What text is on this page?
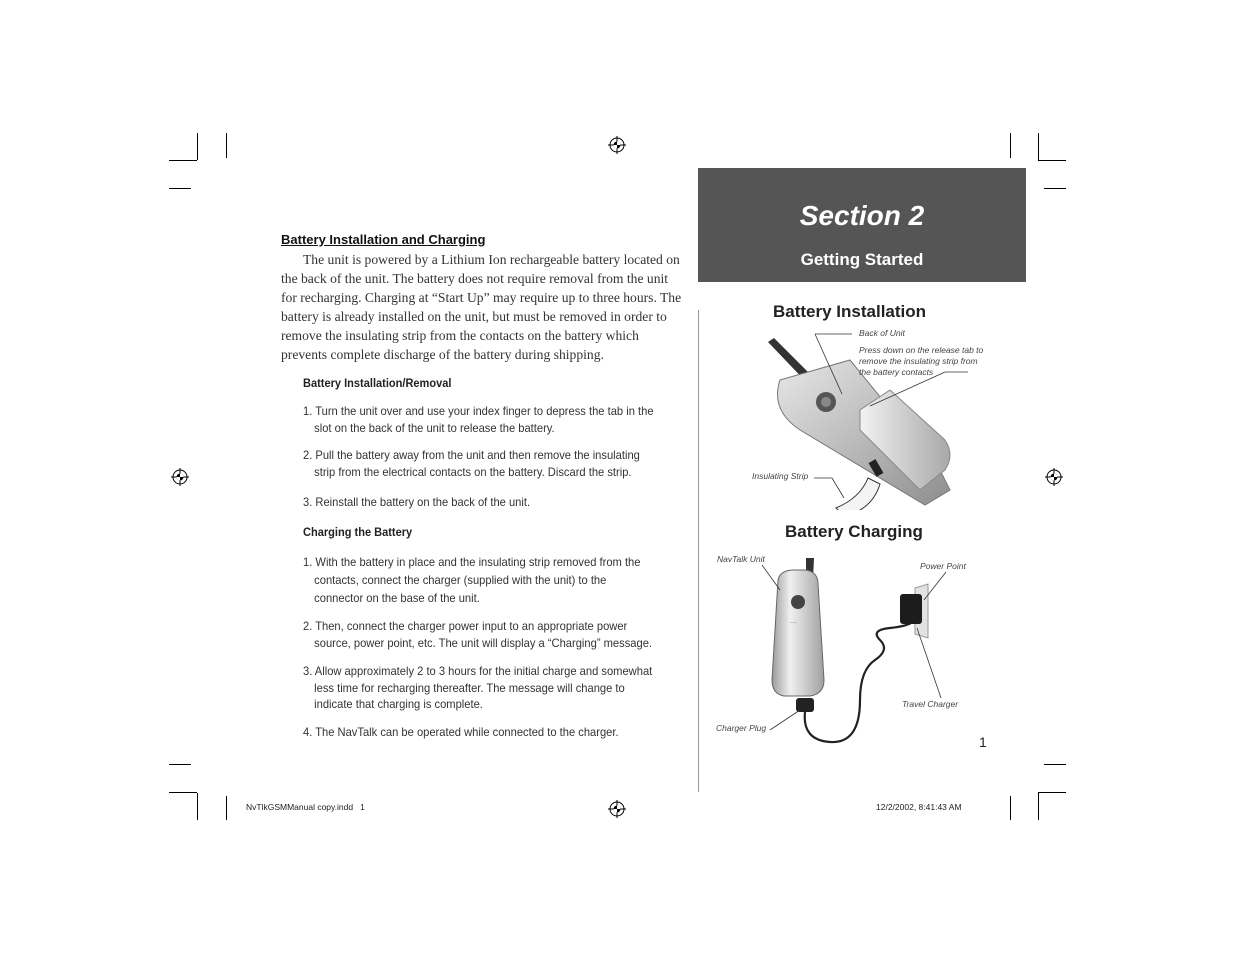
Battery Installation and Charging
The unit is powered by a Lithium Ion rechargeable battery located on the back of the unit. The battery does not require removal from the unit for recharging. Charging at “Start Up” may require up to three hours. The battery is already installed on the unit, but must be removed in order to remove the insulating strip from the contacts on the battery which prevents complete discharge of the battery during shipping.
Battery Installation/Removal
1. Turn the unit over and use your index finger to depress the tab in the slot on the back of the unit to release the battery.
2. Pull the battery away from the unit and then remove the insulating strip from the electrical contacts on the battery. Discard the strip.
3. Reinstall the battery on the back of the unit.
Charging the Battery
1. With the battery in place and the insulating strip removed from the contacts, connect the charger (supplied with the unit) to the connector on the base of the unit.
2. Then, connect the charger power input to an appropriate power source, power point, etc. The unit will display a “Charging” message.
3. Allow approximately 2 to 3 hours for the initial charge and somewhat less time for recharging thereafter. The message will change to indicate that charging is complete.
4. The NavTalk can be operated while connected to the charger.
Section 2
Getting Started
Battery Installation
Back of Unit
Press down on the release tab to
remove the insulating strip from
the battery contacts
Insulating Strip
Battery Charging
~~~
NavTalk Unit
Power Point
Travel Charger
Charger Plug
1
NvTlkGSMManual copy.indd   1	12/2/2002, 8:41:43 AM
